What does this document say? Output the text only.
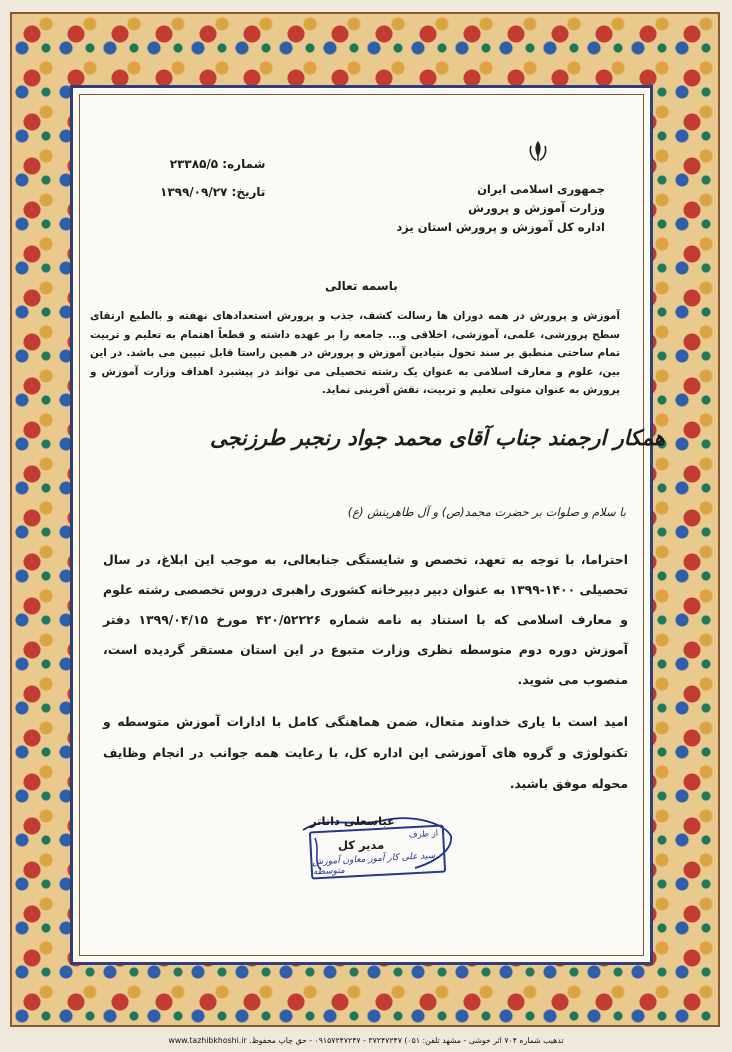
جمهوری اسلامی ایران
وزارت آموزش و پرورش
اداره کل آموزش و پرورش استان یزد
شماره: ۲۳۳۸۵/۵
تاریخ: ۱۳۹۹/۰۹/۲۷
باسمه تعالی
آموزش و پرورش در همه دوران ها رسالت کشف، جذب و پرورش استعدادهای نهفته و بالطبع ارتقای سطح پرورشی، علمی، آموزشی، اخلاقی و... جامعه را بر عهده داشته و قطعاً اهتمام به تعلیم و تربیت تمام ساحتی منطبق بر سند تحول بنیادین آموزش و پرورش در همین راستا قابل تبیین می باشد. در این بین، علوم و معارف اسلامی به عنوان یک رشته تحصیلی می تواند در پیشبرد اهداف وزارت آموزش و پرورش به عنوان متولی تعلیم و تربیت، نقش آفرینی نماید.
همکار ارجمند جناب آقای محمد جواد رنجبر طرزنجی
با سلام و صلوات بر حضرت محمد(ص) و آل طاهرینش (ع)
احتراما، با توجه به تعهد، تخصص و شایستگی جنابعالی، به موجب این ابلاغ، در سال تحصیلی ۱۴۰۰-۱۳۹۹ به عنوان دبیر دبیرخانه کشوری راهبری دروس تخصصی رشته علوم و معارف اسلامی که با استناد به نامه شماره ۴۲۰/۵۲۲۲۶ مورخ ۱۳۹۹/۰۴/۱۵ دفتر آموزش دوره دوم متوسطه نظری وزارت متبوع در این استان مستقر گردیده است، منصوب می شوید.
امید است با یاری خداوند متعال، ضمن هماهنگی کامل با ادارات آموزش متوسطه و تکنولوژی و گروه های آموزشی این اداره کل، با رعایت همه جوانب در انجام وظایف محوله موفق باشید.
عباسعلی داناتر
از طرف
سید علی کار آموز معاون آموزش متوسطه
مدیر کل
تذهیب شماره ۷۰۴ اثر خوشی - مشهد تلفن: ۰۵۱) ۳۷۲۴۷۲۴۷ - ۰۹۱۵۷۲۴۷۲۴۷ - حق چاپ محفوظ. www.tazhibkhoshi.ir
